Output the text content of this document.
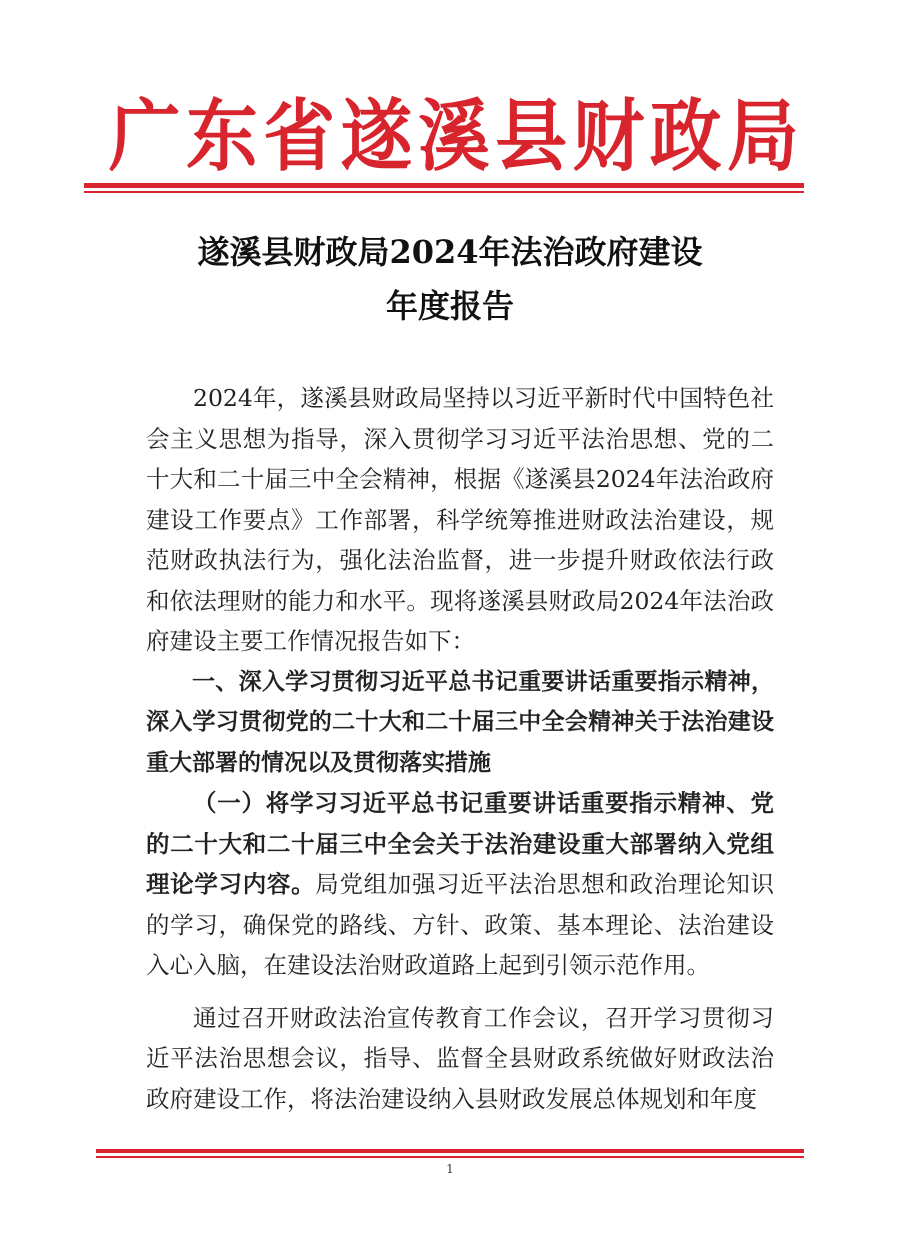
广东省遂溪县财政局
遂溪县财政局2024年法治政府建设
年度报告

2024年，遂溪县财政局坚持以习近平新时代中国特色社会主义思想为指导，深入贯彻学习习近平法治思想、党的二十大和二十届三中全会精神，根据《遂溪县2024年法治政府建设工作要点》工作部署，科学统筹推进财政法治建设，规范财政执法行为，强化法治监督，进一步提升财政依法行政和依法理财的能力和水平。现将遂溪县财政局2024年法治政府建设主要工作情况报告如下：

一、深入学习贯彻习近平总书记重要讲话重要指示精神，深入学习贯彻党的二十大和二十届三中全会精神关于法治建设重大部署的情况以及贯彻落实措施

（一）将学习习近平总书记重要讲话重要指示精神、党的二十大和二十届三中全会关于法治建设重大部署纳入党组理论学习内容。局党组加强习近平法治思想和政治理论知识的学习，确保党的路线、方针、政策、基本理论、法治建设入心入脑，在建设法治财政道路上起到引领示范作用。

通过召开财政法治宣传教育工作会议，召开学习贯彻习近平法治思想会议，指导、监督全县财政系统做好财政法治政府建设工作，将法治建设纳入县财政发展总体规划和年度

1
